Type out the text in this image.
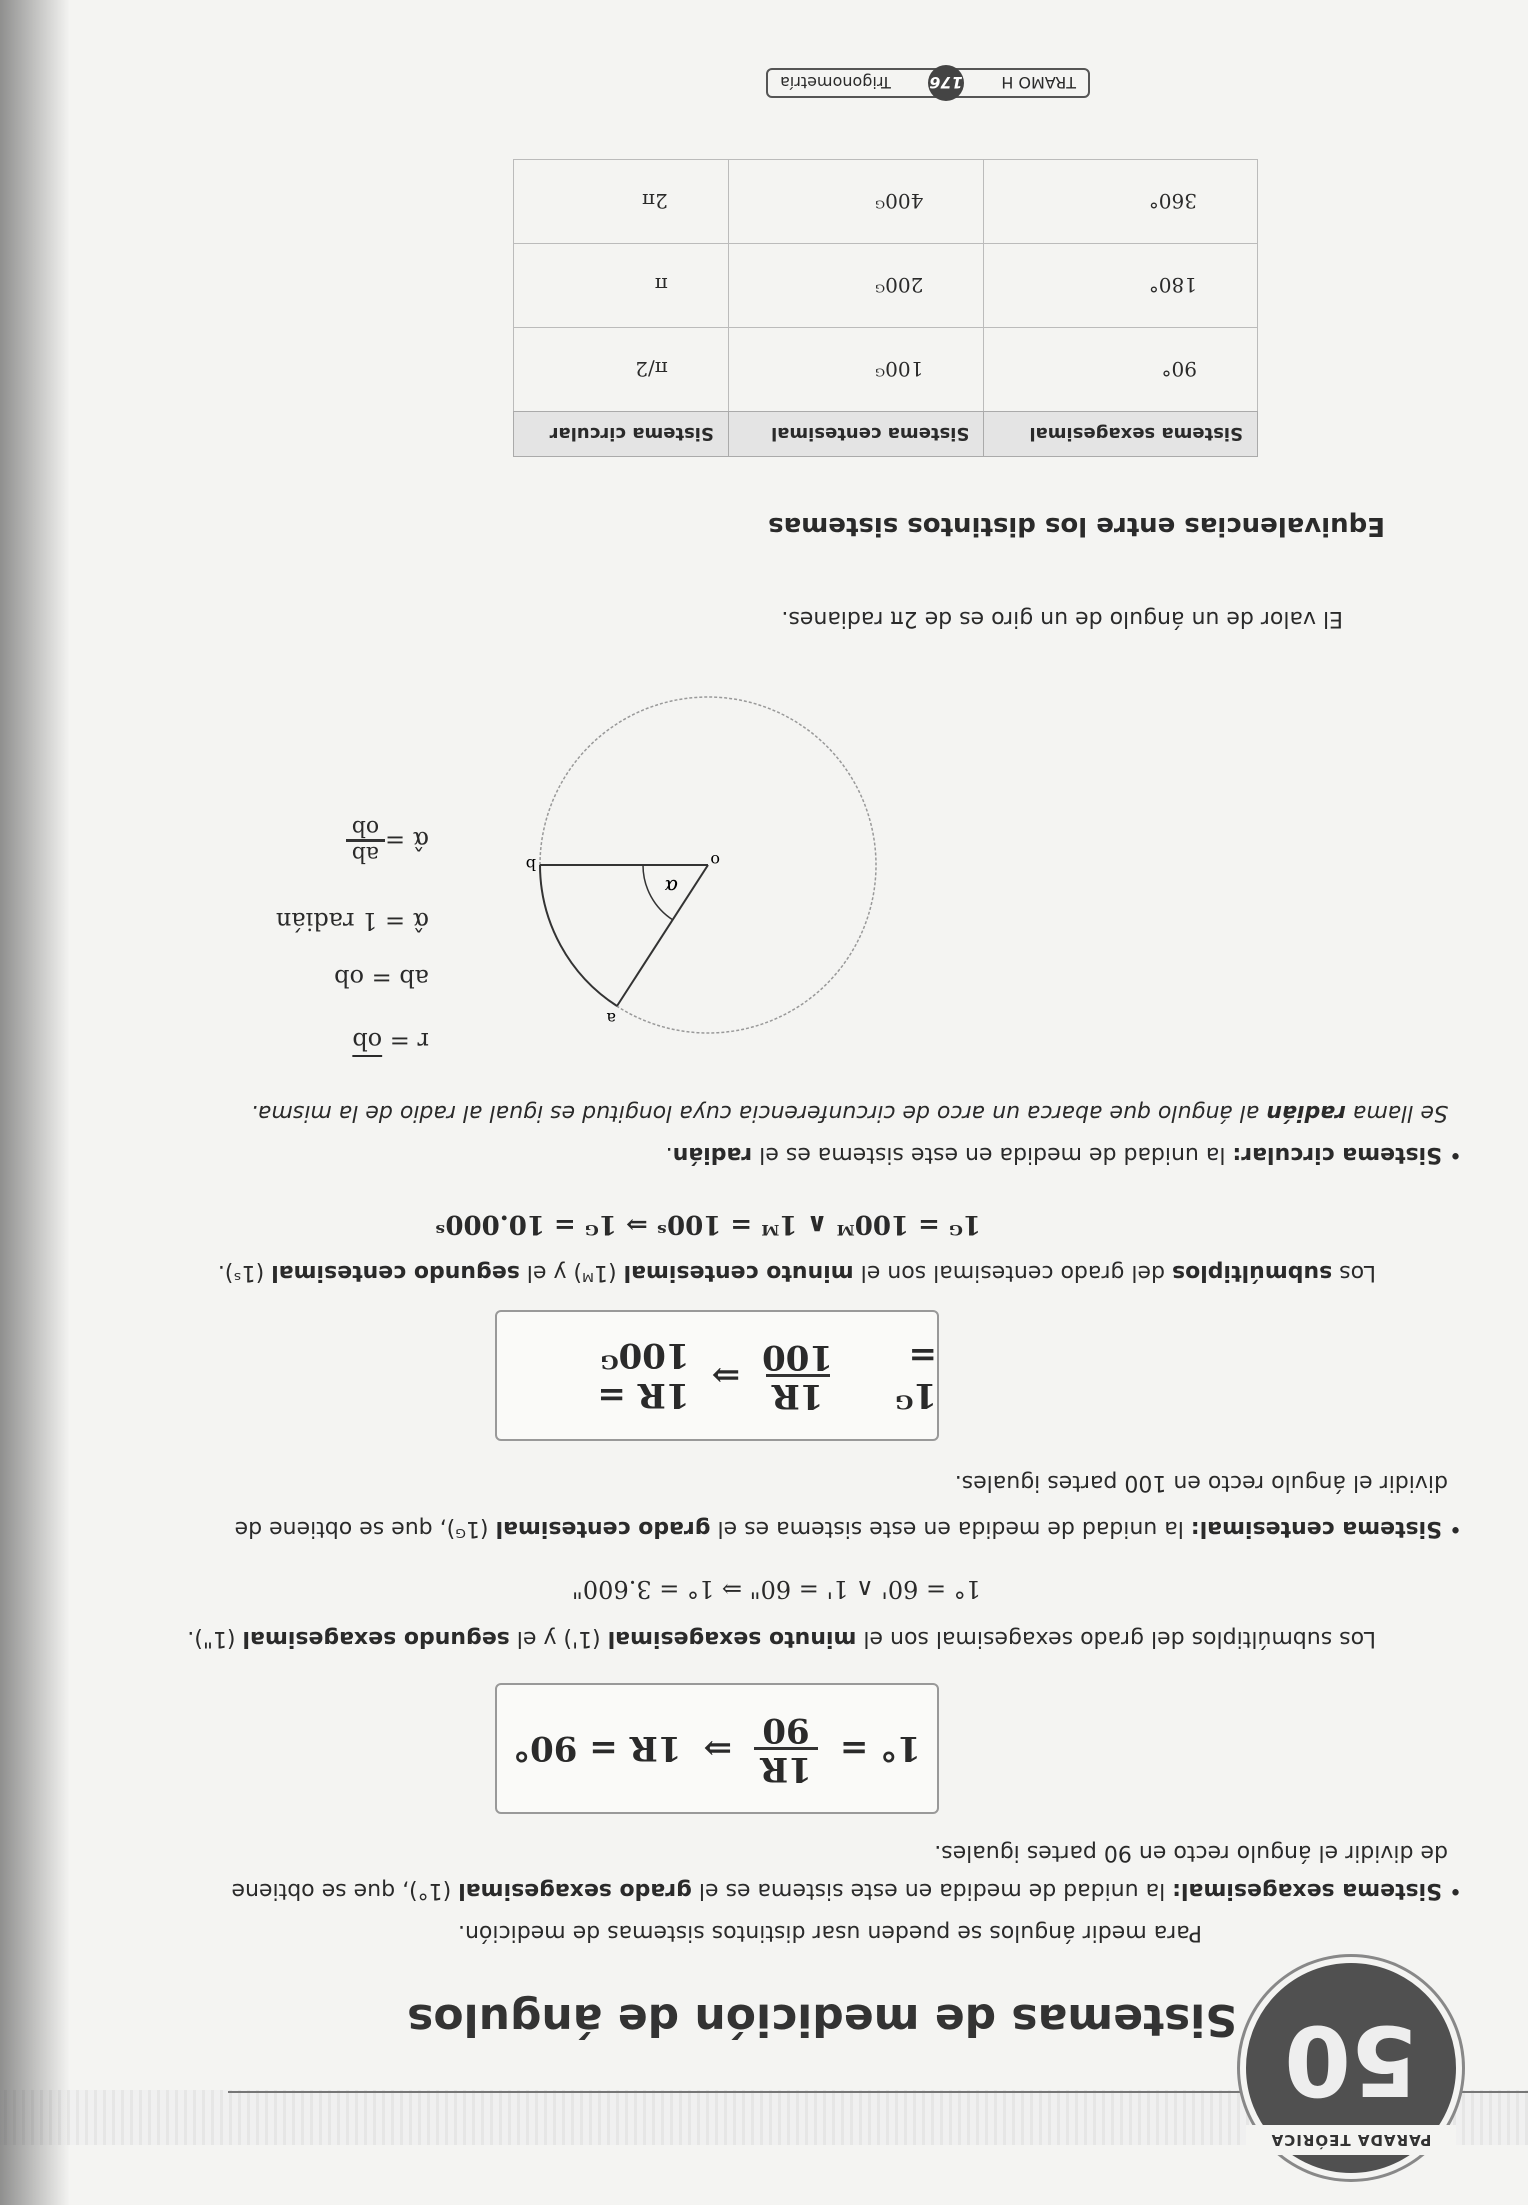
PARADA TEÓRICA
50
Sistemas de medición de ángulos
Para medir ángulos se pueden usar distintos sistemas de medición.
• Sistema sexagesimal: la unidad de medida en este sistema es el grado sexagesimal (1°), que se obtiene
de dividir el ángulo recto en 90 partes iguales.
1° =
1R
90
⇒
1R = 90°
Los submúltiplos del grado sexagesimal son el minuto sexagesimal (1') y el segundo sexagesimal (1").
1° = 60' ∧ 1' = 60" ⇒ 1° = 3.600"
• Sistema centesimal: la unidad de medida en este sistema es el grado centesimal (1ᴳ), que se obtiene de
dividir el ángulo recto en 100 partes iguales.
1ᴳ =
1R
100
⇒
1R = 100ᴳ
Los submúltiplos del grado centesimal son el minuto centesimal (1ᴹ) y el segundo centesimal (1ˢ).
1ᴳ = 100ᴹ ∧ 1ᴹ = 100ˢ ⇒ 1ᴳ = 10.000ˢ
• Sistema circular: la unidad de medida en este sistema es el radián.
Se llama radián al ángulo que abarca un arco de circunferencia cuya longitud es igual al radio de la misma.
o
b
a
α
$r = \overline{ob}$
ab = ob
α̂ = 1 radián
α̂ =
ab
ob
El valor de un ángulo de un giro es de 2π radianes.
Equivalencias entre los distintos sistemas
Sistema sexagesimal	Sistema centesimal	Sistema circular
90°	100ᴳ	π/2
180°	200ᴳ	π
360°	400ᴳ	2π
TRAMO H
176
Trigonometría
